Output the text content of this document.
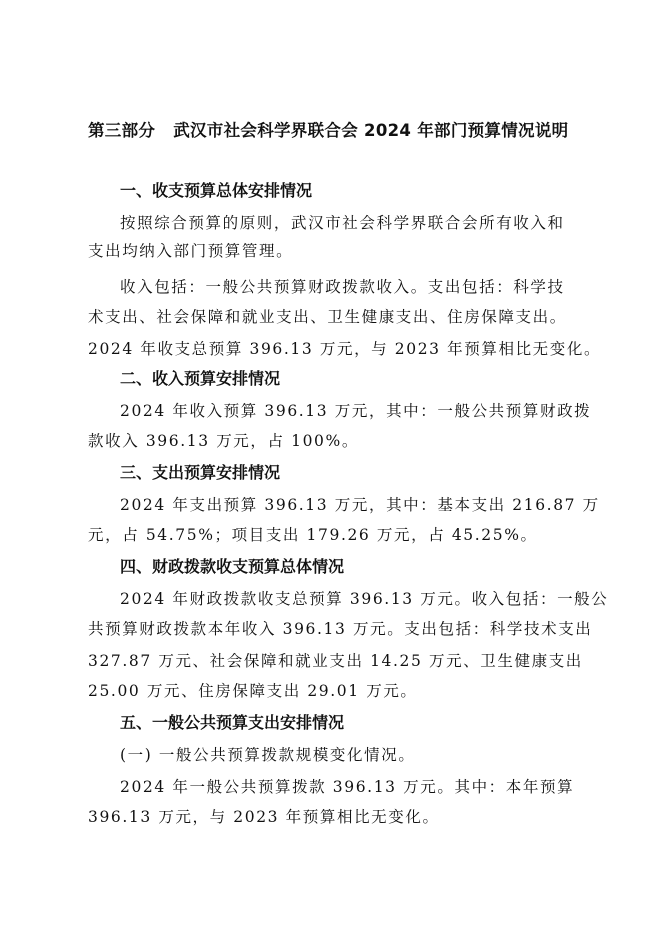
第三部分 武汉市社会科学界联合会 2024 年部门预算情况说明
一、收支预算总体安排情况
按照综合预算的原则，武汉市社会科学界联合会所有收入和
支出均纳入部门预算管理。
收入包括：一般公共预算财政拨款收入。支出包括：科学技
术支出、社会保障和就业支出、卫生健康支出、住房保障支出。
2024 年收支总预算 396.13 万元，与 2023 年预算相比无变化。
二、收入预算安排情况
2024 年收入预算 396.13 万元，其中：一般公共预算财政拨
款收入 396.13 万元，占 100%。
三、支出预算安排情况
2024 年支出预算 396.13 万元，其中：基本支出 216.87 万
元，占 54.75%；项目支出 179.26 万元，占 45.25%。
四、财政拨款收支预算总体情况
2024 年财政拨款收支总预算 396.13 万元。收入包括：一般公
共预算财政拨款本年收入 396.13 万元。支出包括：科学技术支出
327.87 万元、社会保障和就业支出 14.25 万元、卫生健康支出
25.00 万元、住房保障支出 29.01 万元。
五、一般公共预算支出安排情况
(一) 一般公共预算拨款规模变化情况。
2024 年一般公共预算拨款 396.13 万元。其中：本年预算
396.13 万元，与 2023 年预算相比无变化。
